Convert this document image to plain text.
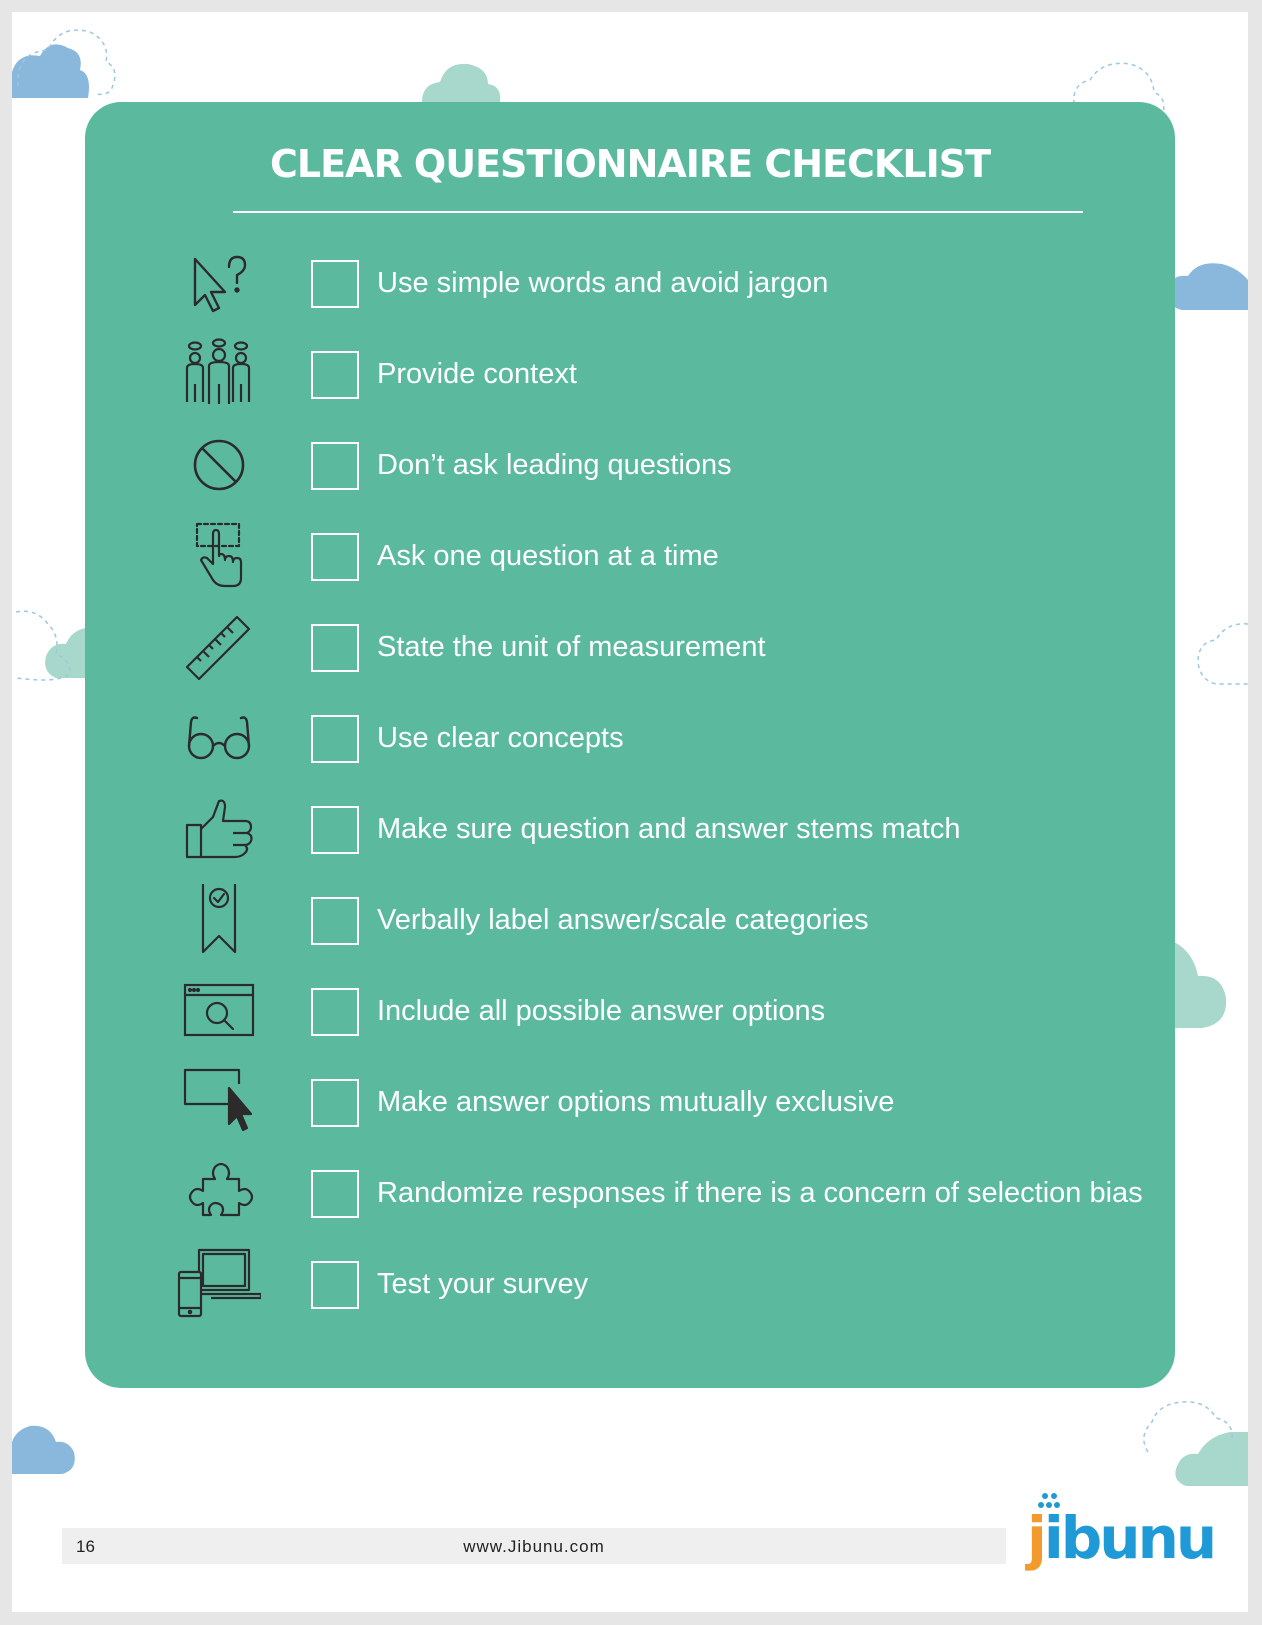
CLEAR QUESTIONNAIRE CHECKLIST
Use simple words and avoid jargon
Provide context
Don’t ask leading questions
Ask one question at a time
State the unit of measurement
Use clear concepts
Make sure question and answer stems match
Verbally label answer/scale categories
Include all possible answer options
Make answer options mutually exclusive
Randomize responses if there is a concern of selection bias
Test your survey
16	www.Jibunu.com	jibunu
